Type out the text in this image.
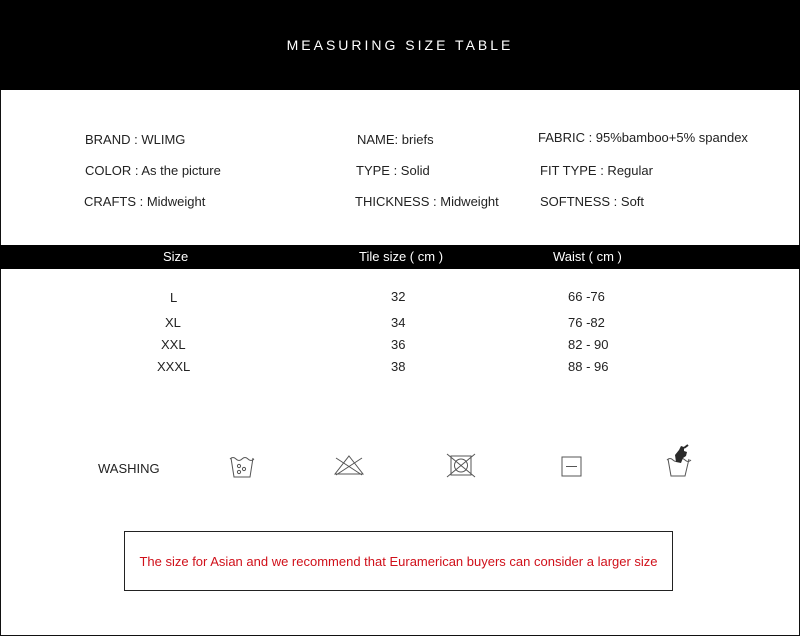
MEASURING SIZE TABLE
BRAND : WLIMG	NAME: briefs	FABRIC : 95%bamboo+5% spandex
COLOR : As the picture	TYPE : Solid	FIT TYPE : Regular
CRAFTS : Midweight	THICKNESS : Midweight	SOFTNESS : Soft
Size	Tile size ( cm )	Waist ( cm )
L	32	66 -76
XL	34	76 -82
XXL	36	82 - 90
XXXL	38	88 - 96
WASHING
The size for Asian and we recommend that Euramerican buyers can consider a larger size
